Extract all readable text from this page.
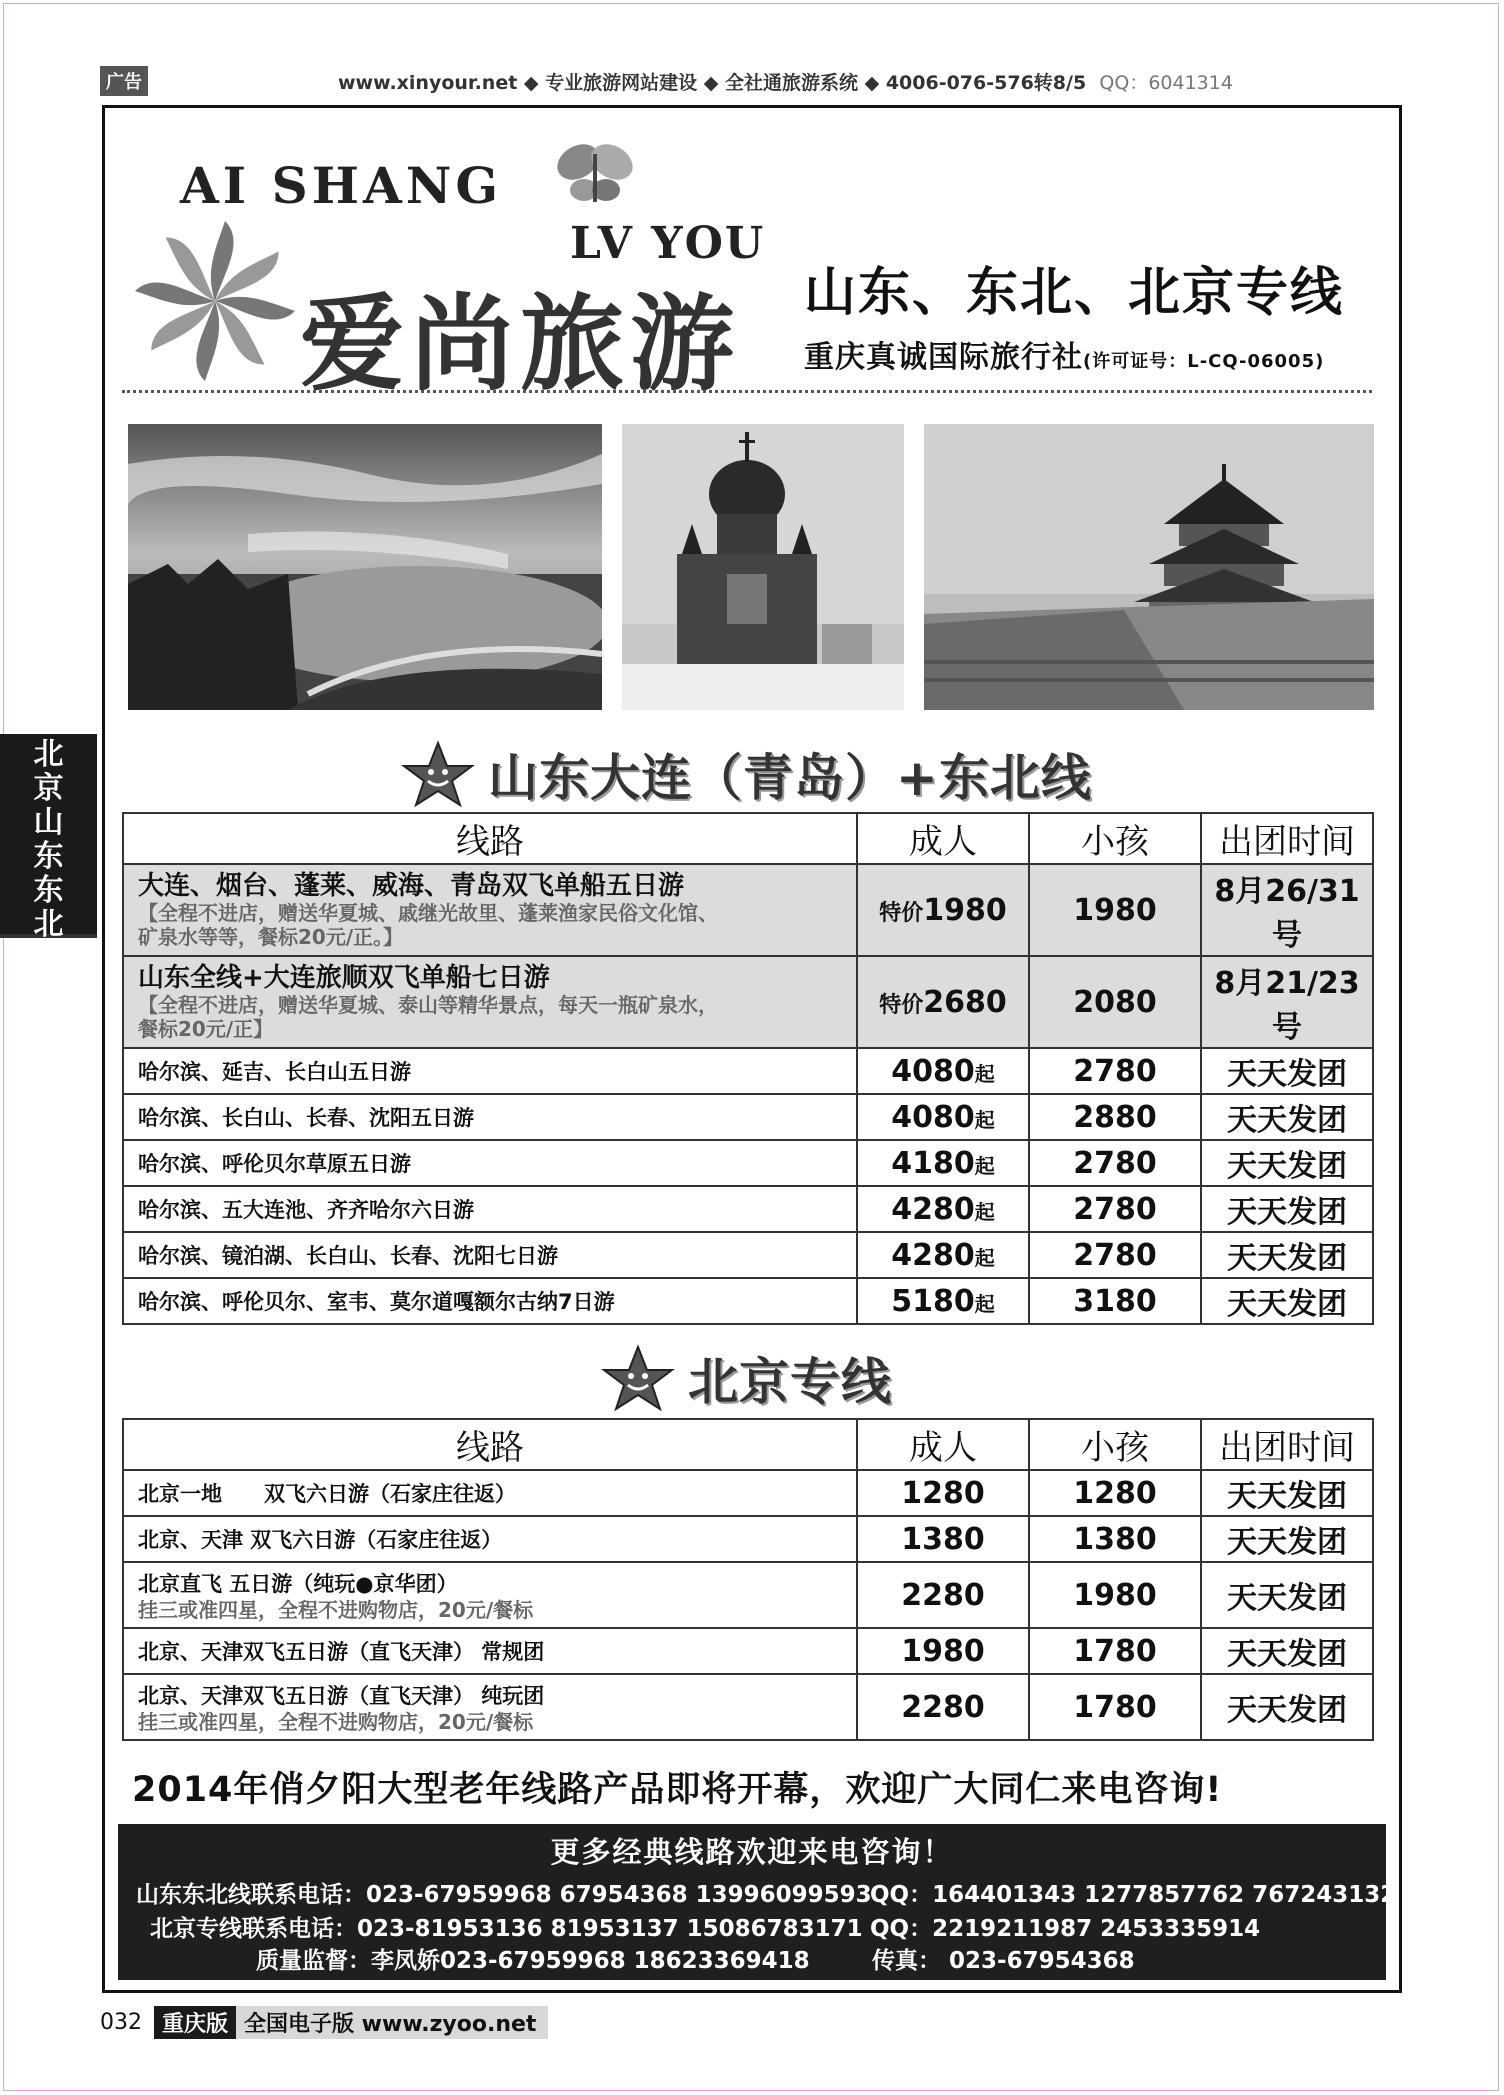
广告	www.xinyour.net ◆ 专业旅游网站建设 ◆ 全社通旅游系统 ◆ 4006-076-576转8/5 QQ：6041314
北
京
山
东
东
北
AI SHANG
LV YOU
爱尚旅游 山东、东北、北京专线
重庆真诚国际旅行社(许可证号：L-CQ-06005)
山东大连（青岛）+东北线
线路	成人	小孩	出团时间

大连、烟台、蓬莱、威海、青岛双飞单船五日游
【全程不进店，赠送华夏城、戚继光故里、蓬莱渔家民俗文化馆、
矿泉水等等，餐标20元/正。】	特价1980	1980	8月26/31号

山东全线+大连旅顺双飞单船七日游
【全程不进店，赠送华夏城、泰山等精华景点，每天一瓶矿泉水，
餐标20元/正】	特价2680	2080	8月21/23号
哈尔滨、延吉、长白山五日游	4080起	2780	天天发团
哈尔滨、长白山、长春、沈阳五日游	4080起	2880	天天发团
哈尔滨、呼伦贝尔草原五日游	4180起	2780	天天发团
哈尔滨、五大连池、齐齐哈尔六日游	4280起	2780	天天发团
哈尔滨、镜泊湖、长白山、长春、沈阳七日游	4280起	2780	天天发团
哈尔滨、呼伦贝尔、室韦、莫尔道嘎额尔古纳7日游	5180起	3180	天天发团
北京专线
线路	成人	小孩	出团时间
北京一地　　双飞六日游（石家庄往返）	1280	1280	天天发团
北京、天津 双飞六日游（石家庄往返）	1380	1380	天天发团

北京直飞 五日游（纯玩●京华团）
挂三或准四星，全程不进购物店，20元/餐标	2280	1980	天天发团
北京、天津双飞五日游（直飞天津） 常规团	1980	1780	天天发团

北京、天津双飞五日游（直飞天津） 纯玩团
挂三或准四星，全程不进购物店，20元/餐标	2280	1780	天天发团
2014年俏夕阳大型老年线路产品即将开幕，欢迎广大同仁来电咨询!
更多经典线路欢迎来电咨询！
山东东北线联系电话：023-67959968 67954368 13996099593
QQ：164401343 1277857762 767243132
北京专线联系电话：023-81953136 81953137 15086783171 QQ：2219211987 2453335914
质量监督：李凤娇023-67959968 18623369418	传真： 023-67954368
032 重庆版 全国电子版 www.zyoo.net
